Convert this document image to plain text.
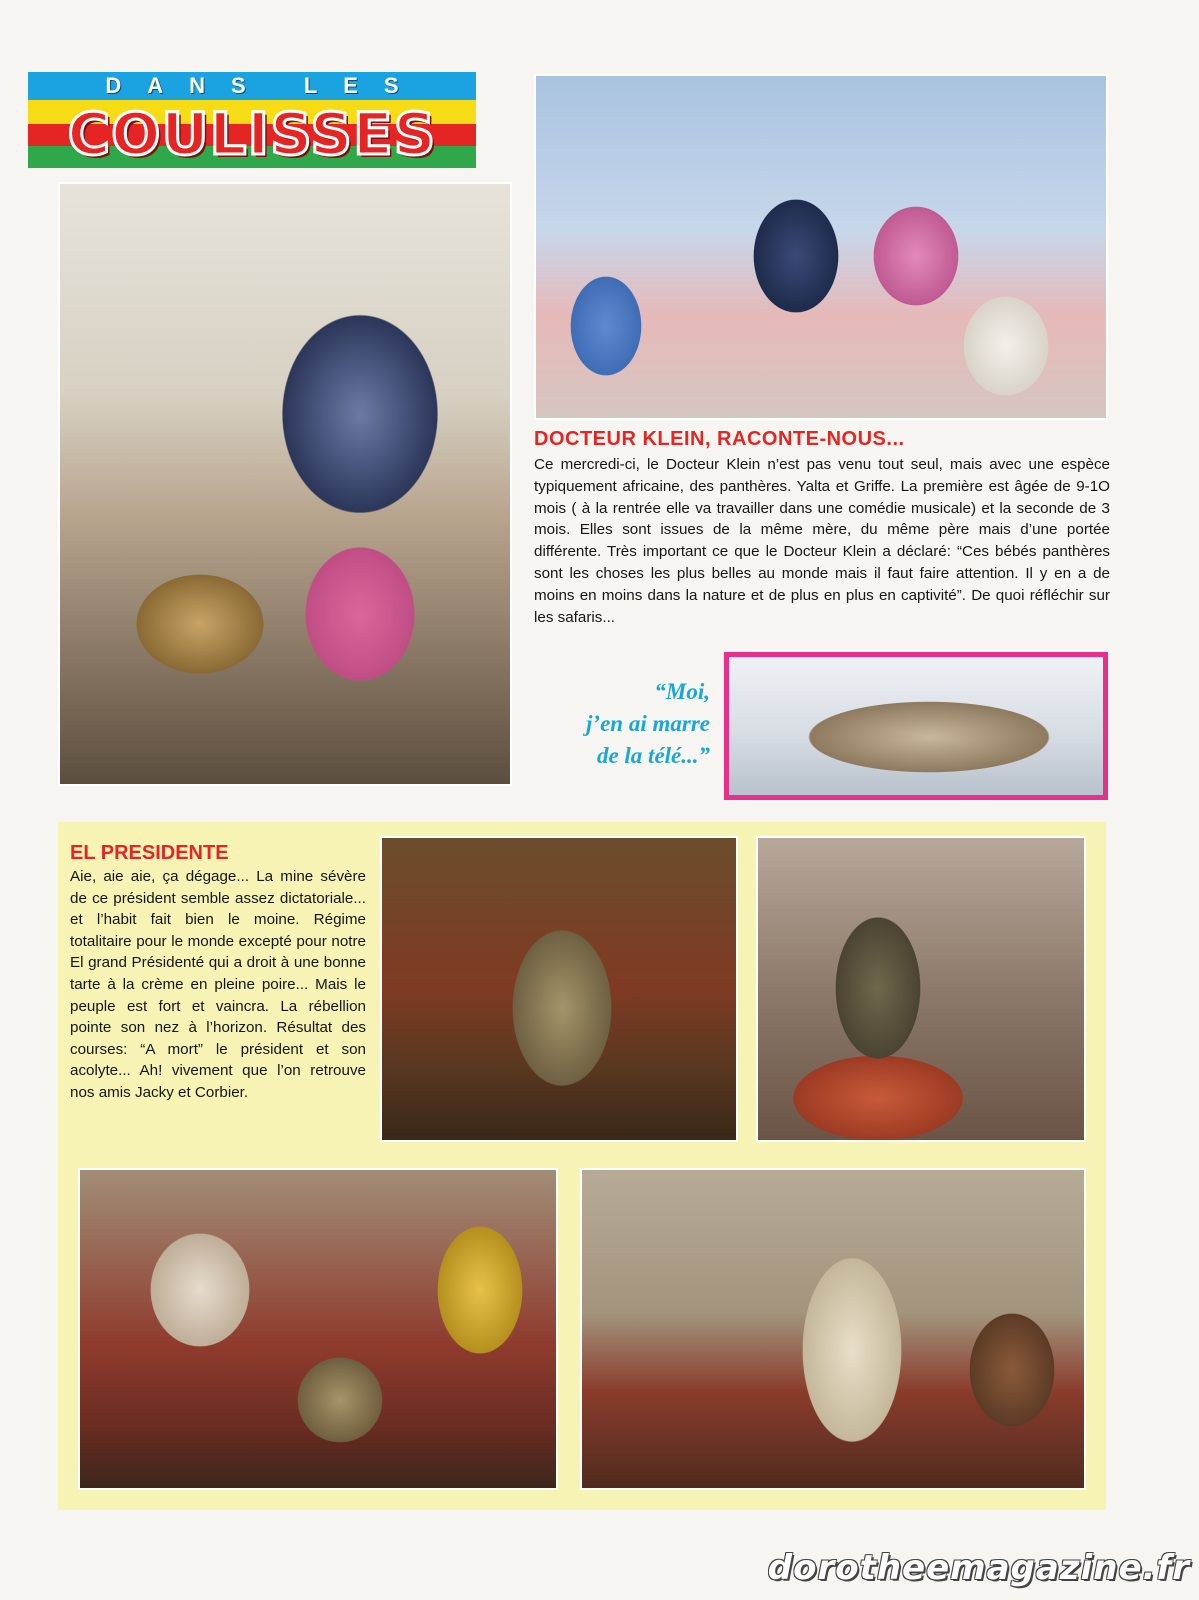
DANS LES
COULISSES
DOCTEUR KLEIN, RACONTE-NOUS...

Ce mercredi-ci, le Docteur Klein n’est pas venu tout seul, mais avec une espèce typiquement africaine, des panthères. Yalta et Griffe. La première est âgée de 9-1O mois ( à la rentrée elle va travailler dans une comédie musicale) et la seconde de 3 mois. Elles sont issues de la même mère, du même père mais d’une portée différente. Très important ce que le Docteur Klein a déclaré: “Ces bébés panthères sont les choses les plus belles au monde mais il faut faire attention. Il y en a de moins en moins dans la nature et de plus en plus en captivité”. De quoi réfléchir sur les safaris...

“Moi,
j’en ai marre
de la télé...”
EL PRESIDENTE

Aie, aie aie, ça dégage... La mine sévère de ce président semble assez dictatoriale... et l’habit fait bien le moine. Régime totalitaire pour le monde excepté pour notre El grand Présidenté qui a droit à une bonne tarte à la crème en pleine poire... Mais le peuple est fort et vaincra. La rébellion pointe son nez à l’horizon. Résultat des courses: “A mort” le président et son acolyte... Ah! vivement que l’on retrouve nos amis Jacky et Corbier.

dorotheemagazine.fr
